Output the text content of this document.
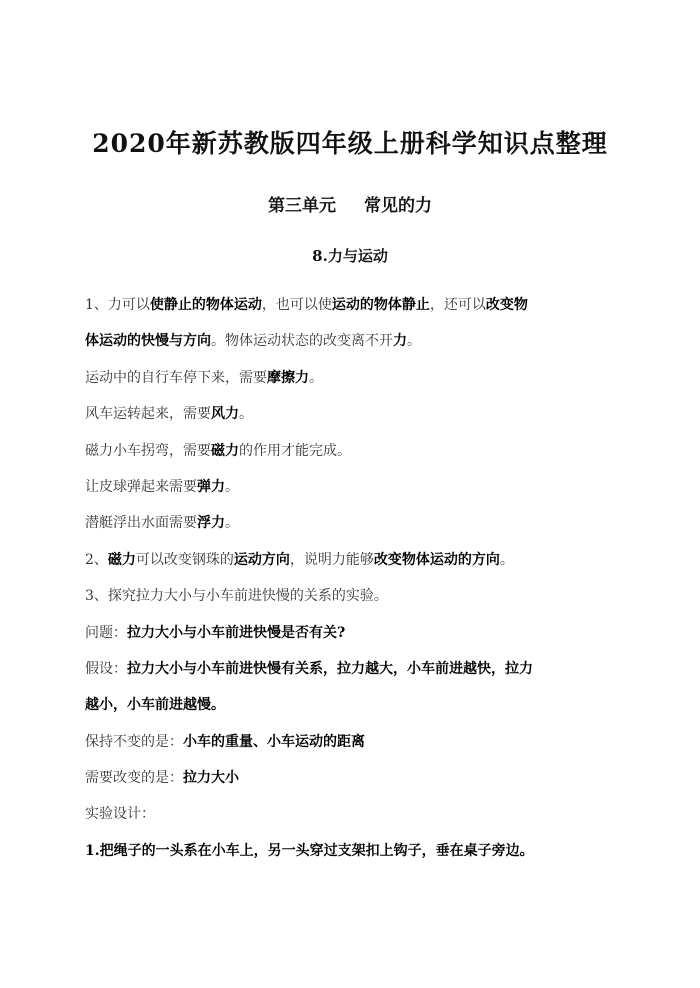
2020年新苏教版四年级上册科学知识点整理
第三单元 常见的力
8.力与运动
1、力可以使静止的物体运动，也可以使运动的物体静止，还可以改变物
体运动的快慢与方向。物体运动状态的改变离不开力。
运动中的自行车停下来，需要摩擦力。
风车运转起来，需要风力。
磁力小车拐弯，需要磁力的作用才能完成。
让皮球弹起来需要弹力。
潜艇浮出水面需要浮力。
2、磁力可以改变钢珠的运动方向，说明力能够改变物体运动的方向。
3、探究拉力大小与小车前进快慢的关系的实验。
问题：拉力大小与小车前进快慢是否有关?
假设：拉力大小与小车前进快慢有关系，拉力越大，小车前进越快，拉力
越小，小车前进越慢。
保持不变的是：小车的重量、小车运动的距离
需要改变的是：拉力大小
实验设计：
1.把绳子的一头系在小车上，另一头穿过支架扣上钩子，垂在桌子旁边。
